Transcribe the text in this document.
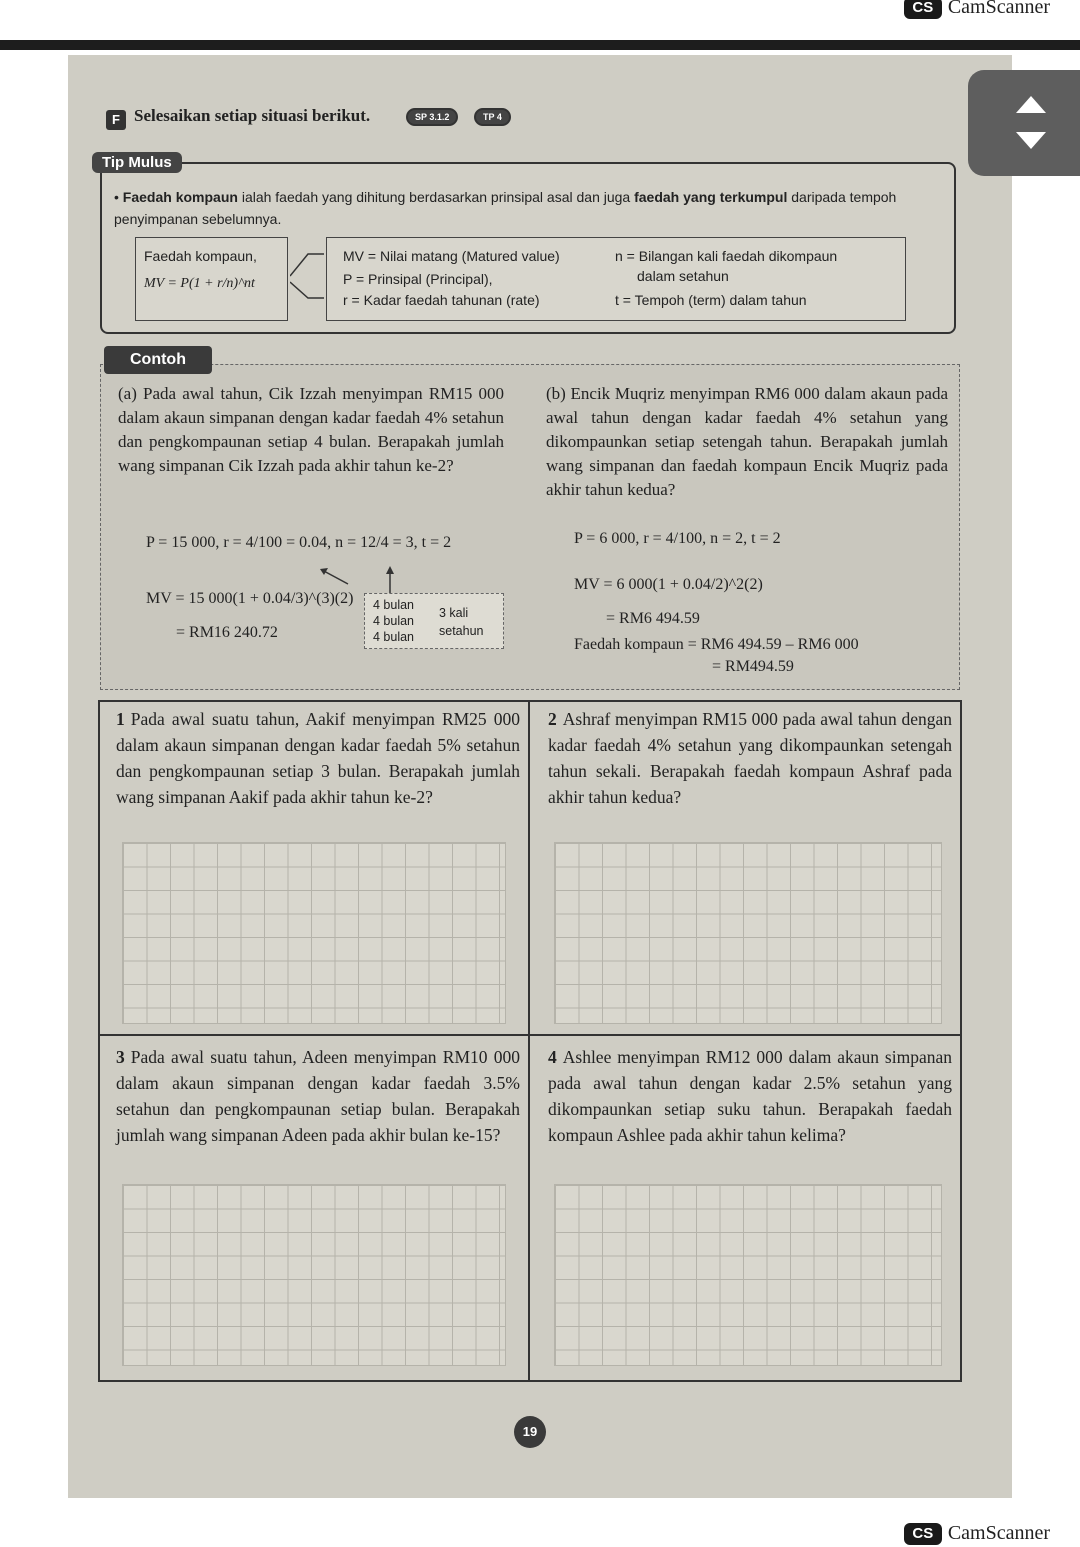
CS CamScanner
F Selesaikan setiap situasi berikut.	SP 3.1.2	TP 4
Tip Mulus
• Faedah kompaun ialah faedah yang dihitung berdasarkan prinsipal asal dan juga faedah yang terkumpul daripada tempoh penyimpanan sebelumnya.
Faedah kompaun,
MV = P(1 + r/n)^nt
MV = Nilai matang (Matured value)
P = Prinsipal (Principal),
r = Kadar faedah tahunan (rate)
n = Bilangan kali faedah dikompaun
dalam setahun
t = Tempoh (term) dalam tahun
Contoh
(a) Pada awal tahun, Cik Izzah menyimpan RM15 000 dalam akaun simpanan dengan kadar faedah 4% setahun dan pengkompaunan setiap 4 bulan. Berapakah jumlah wang simpanan Cik Izzah pada akhir tahun ke-2?
P = 15 000, r = 4/100 = 0.04, n = 12/4 = 3, t = 2
MV = 15 000(1 + 0.04/3)^(3)(2)
= RM16 240.72
4 bulan
4 bulan
4 bulan
3 kali setahun
(b) Encik Muqriz menyimpan RM6 000 dalam akaun pada awal tahun dengan kadar faedah 4% setahun yang dikompaunkan setiap setengah tahun. Berapakah jumlah wang simpanan dan faedah kompaun Encik Muqriz pada akhir tahun kedua?
P = 6 000, r = 4/100, n = 2, t = 2
MV = 6 000(1 + 0.04/2)^2(2)
= RM6 494.59
Faedah kompaun = RM6 494.59 – RM6 000
= RM494.59
1 Pada awal suatu tahun, Aakif menyimpan RM25 000 dalam akaun simpanan dengan kadar faedah 5% setahun dan pengkompaunan setiap 3 bulan. Berapakah jumlah wang simpanan Aakif pada akhir tahun ke-2?
2 Ashraf menyimpan RM15 000 pada awal tahun dengan kadar faedah 4% setahun yang dikompaunkan setengah tahun sekali. Berapakah faedah kompaun Ashraf pada akhir tahun kedua?
3 Pada awal suatu tahun, Adeen menyimpan RM10 000 dalam akaun simpanan dengan kadar faedah 3.5% setahun dan pengkompaunan setiap bulan. Berapakah jumlah wang simpanan Adeen pada akhir bulan ke-15?
4 Ashlee menyimpan RM12 000 dalam akaun simpanan pada awal tahun dengan kadar 2.5% setahun yang dikompaunkan setiap suku tahun. Berapakah faedah kompaun Ashlee pada akhir tahun kelima?
19
CS CamScanner
